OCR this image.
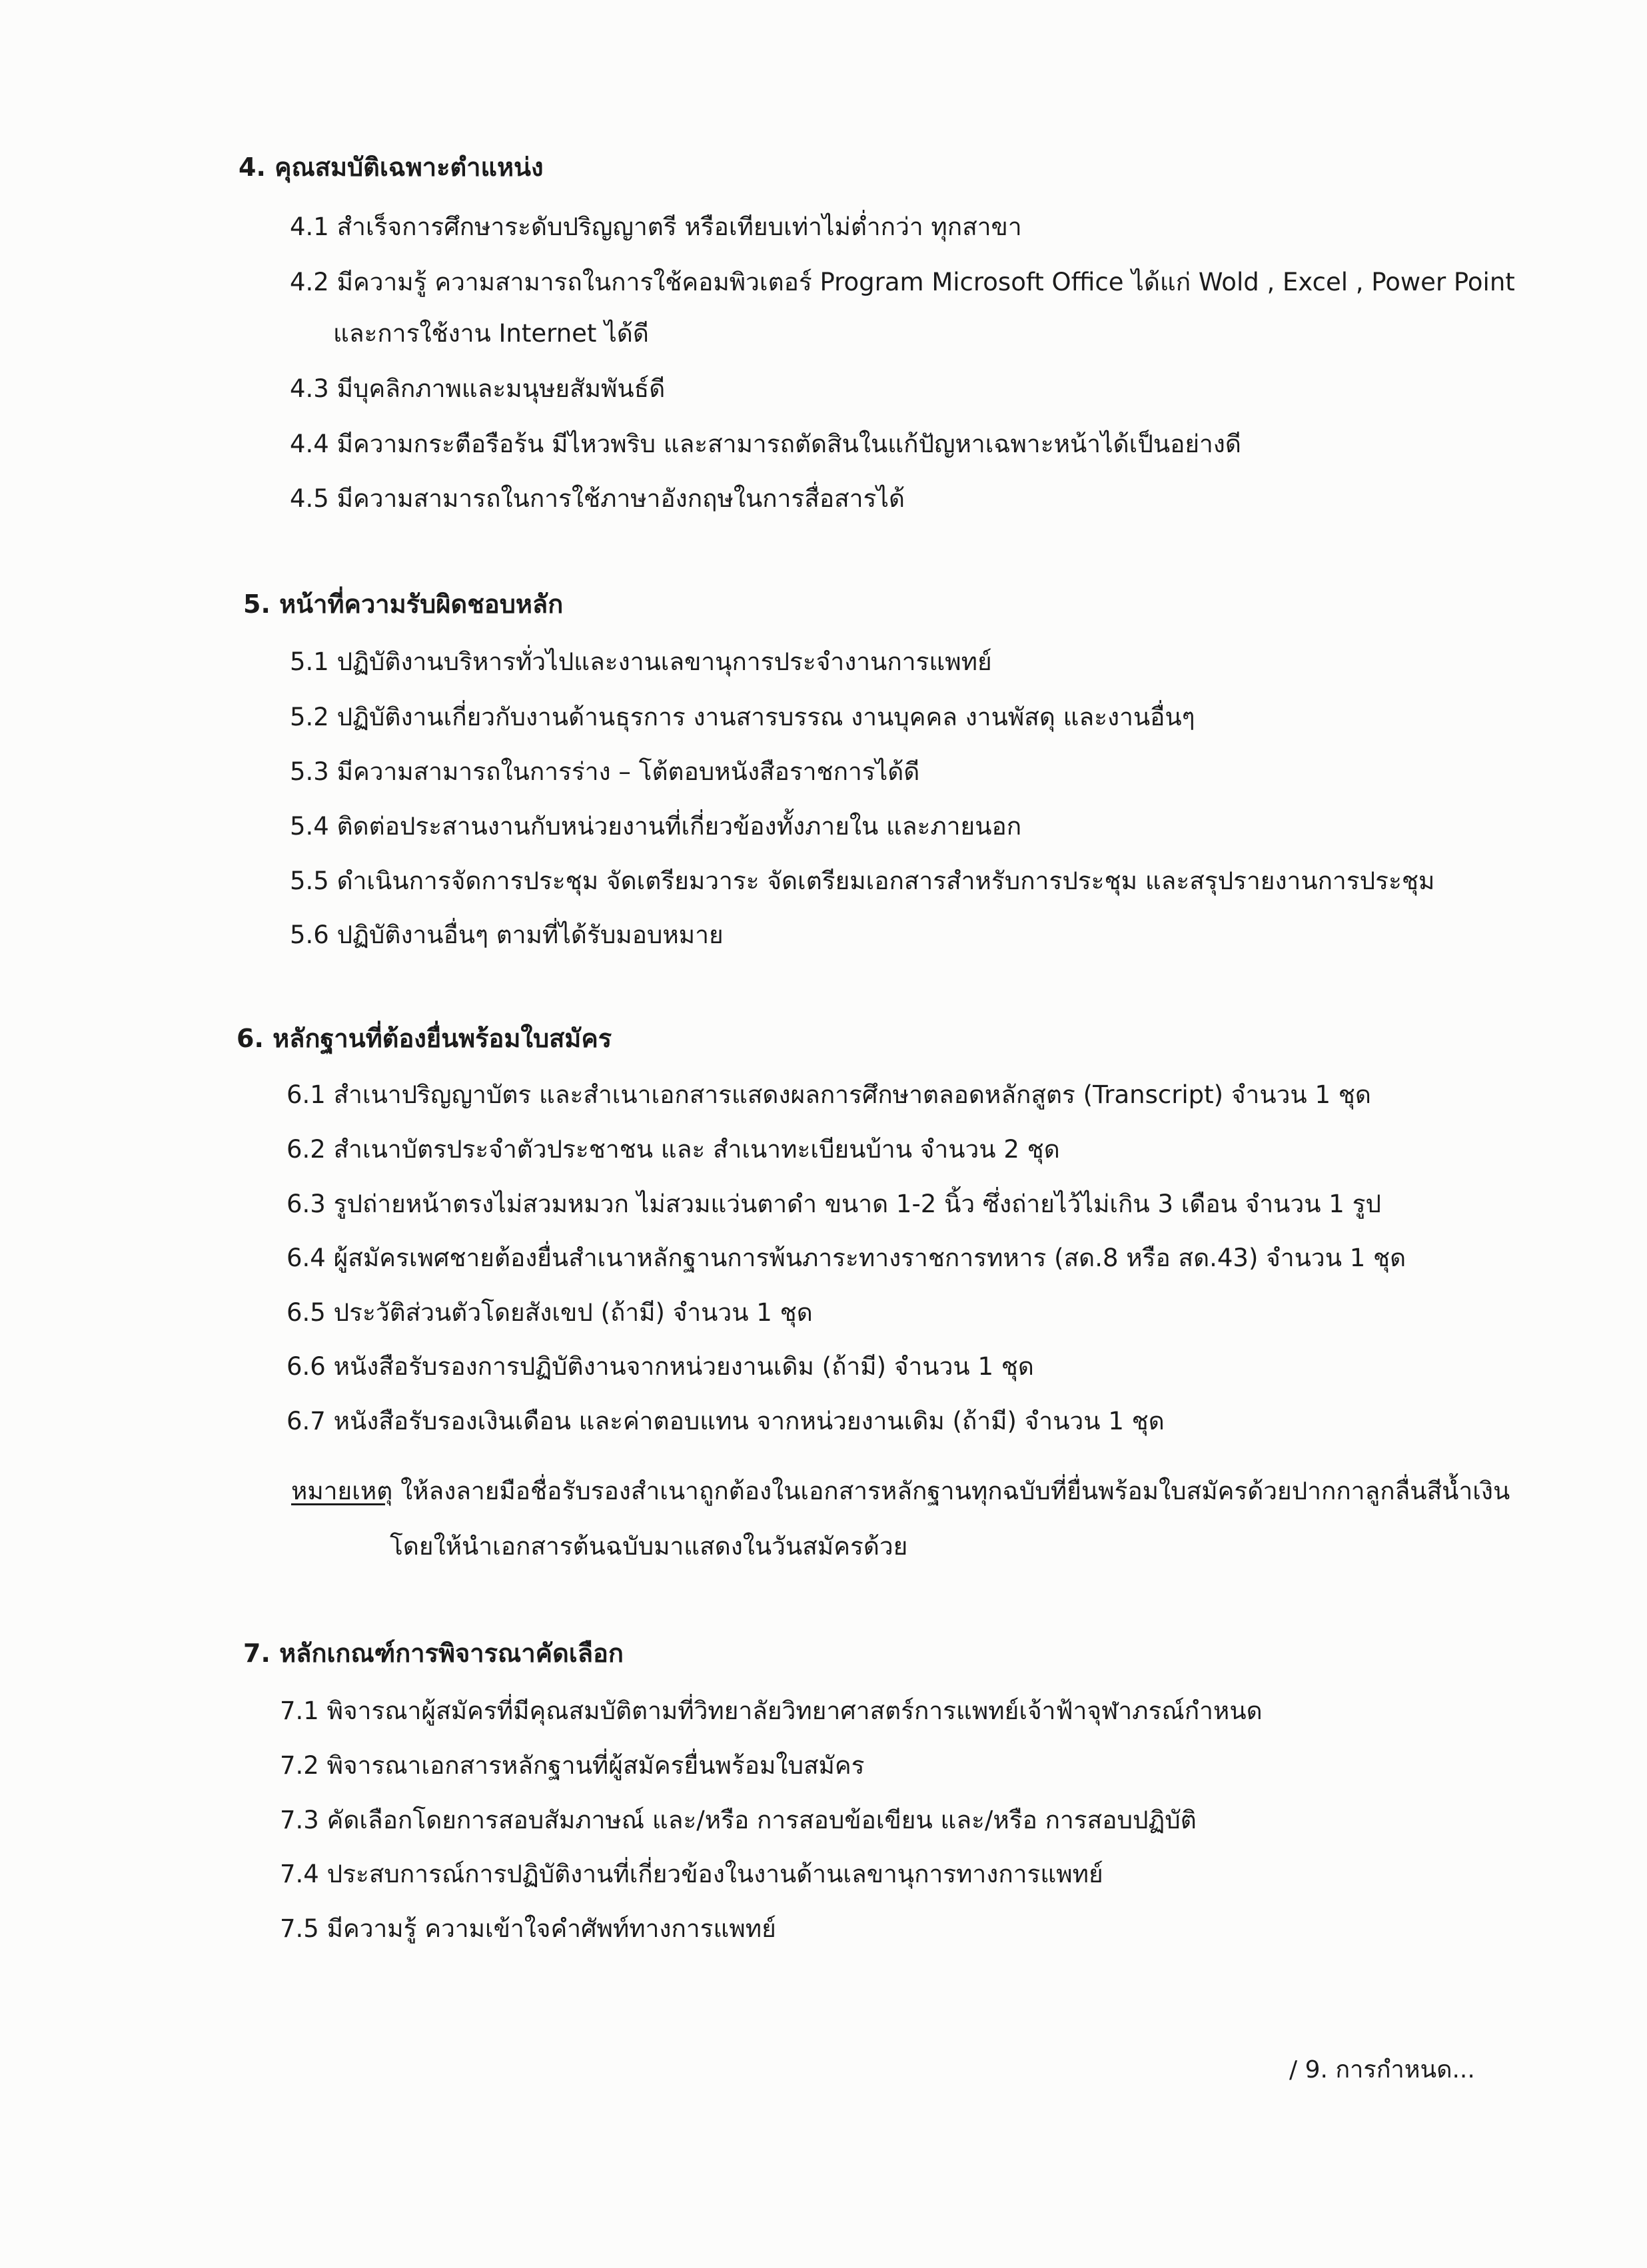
4. คุณสมบัติเฉพาะตำแหน่ง
4.1 สำเร็จการศึกษาระดับปริญญาตรี หรือเทียบเท่าไม่ต่ำกว่า ทุกสาขา
4.2 มีความรู้ ความสามารถในการใช้คอมพิวเตอร์ Program Microsoft Office ได้แก่ Wold , Excel , Power Point
และการใช้งาน Internet ได้ดี
4.3 มีบุคลิกภาพและมนุษยสัมพันธ์ดี
4.4 มีความกระตือรือร้น มีไหวพริบ และสามารถตัดสินในแก้ปัญหาเฉพาะหน้าได้เป็นอย่างดี
4.5 มีความสามารถในการใช้ภาษาอังกฤษในการสื่อสารได้
5. หน้าที่ความรับผิดชอบหลัก
5.1 ปฏิบัติงานบริหารทั่วไปและงานเลขานุการประจำงานการแพทย์
5.2 ปฏิบัติงานเกี่ยวกับงานด้านธุรการ งานสารบรรณ งานบุคคล งานพัสดุ และงานอื่นๆ
5.3 มีความสามารถในการร่าง – โต้ตอบหนังสือราชการได้ดี
5.4 ติดต่อประสานงานกับหน่วยงานที่เกี่ยวข้องทั้งภายใน และภายนอก
5.5 ดำเนินการจัดการประชุม จัดเตรียมวาระ จัดเตรียมเอกสารสำหรับการประชุม และสรุปรายงานการประชุม
5.6 ปฏิบัติงานอื่นๆ ตามที่ได้รับมอบหมาย
6. หลักฐานที่ต้องยื่นพร้อมใบสมัคร
6.1 สำเนาปริญญาบัตร และสำเนาเอกสารแสดงผลการศึกษาตลอดหลักสูตร (Transcript) จำนวน 1 ชุด
6.2 สำเนาบัตรประจำตัวประชาชน และ สำเนาทะเบียนบ้าน จำนวน 2 ชุด
6.3 รูปถ่ายหน้าตรงไม่สวมหมวก ไม่สวมแว่นตาดำ ขนาด 1-2 นิ้ว ซึ่งถ่ายไว้ไม่เกิน 3 เดือน จำนวน 1 รูป
6.4 ผู้สมัครเพศชายต้องยื่นสำเนาหลักฐานการพ้นภาระทางราชการทหาร (สด.8 หรือ สด.43) จำนวน 1 ชุด
6.5 ประวัติส่วนตัวโดยสังเขป (ถ้ามี) จำนวน 1 ชุด
6.6 หนังสือรับรองการปฏิบัติงานจากหน่วยงานเดิม (ถ้ามี) จำนวน 1 ชุด
6.7 หนังสือรับรองเงินเดือน และค่าตอบแทน จากหน่วยงานเดิม (ถ้ามี) จำนวน 1 ชุด
หมายเหตุ ให้ลงลายมือชื่อรับรองสำเนาถูกต้องในเอกสารหลักฐานทุกฉบับที่ยื่นพร้อมใบสมัครด้วยปากกาลูกลื่นสีน้ำเงิน
โดยให้นำเอกสารต้นฉบับมาแสดงในวันสมัครด้วย
7. หลักเกณฑ์การพิจารณาคัดเลือก
7.1 พิจารณาผู้สมัครที่มีคุณสมบัติตามที่วิทยาลัยวิทยาศาสตร์การแพทย์เจ้าฟ้าจุฬาภรณ์กำหนด
7.2 พิจารณาเอกสารหลักฐานที่ผู้สมัครยื่นพร้อมใบสมัคร
7.3 คัดเลือกโดยการสอบสัมภาษณ์ และ/หรือ การสอบข้อเขียน และ/หรือ การสอบปฏิบัติ
7.4 ประสบการณ์การปฏิบัติงานที่เกี่ยวข้องในงานด้านเลขานุการทางการแพทย์
7.5 มีความรู้ ความเข้าใจคำศัพท์ทางการแพทย์
/ 9. การกำหนด...
